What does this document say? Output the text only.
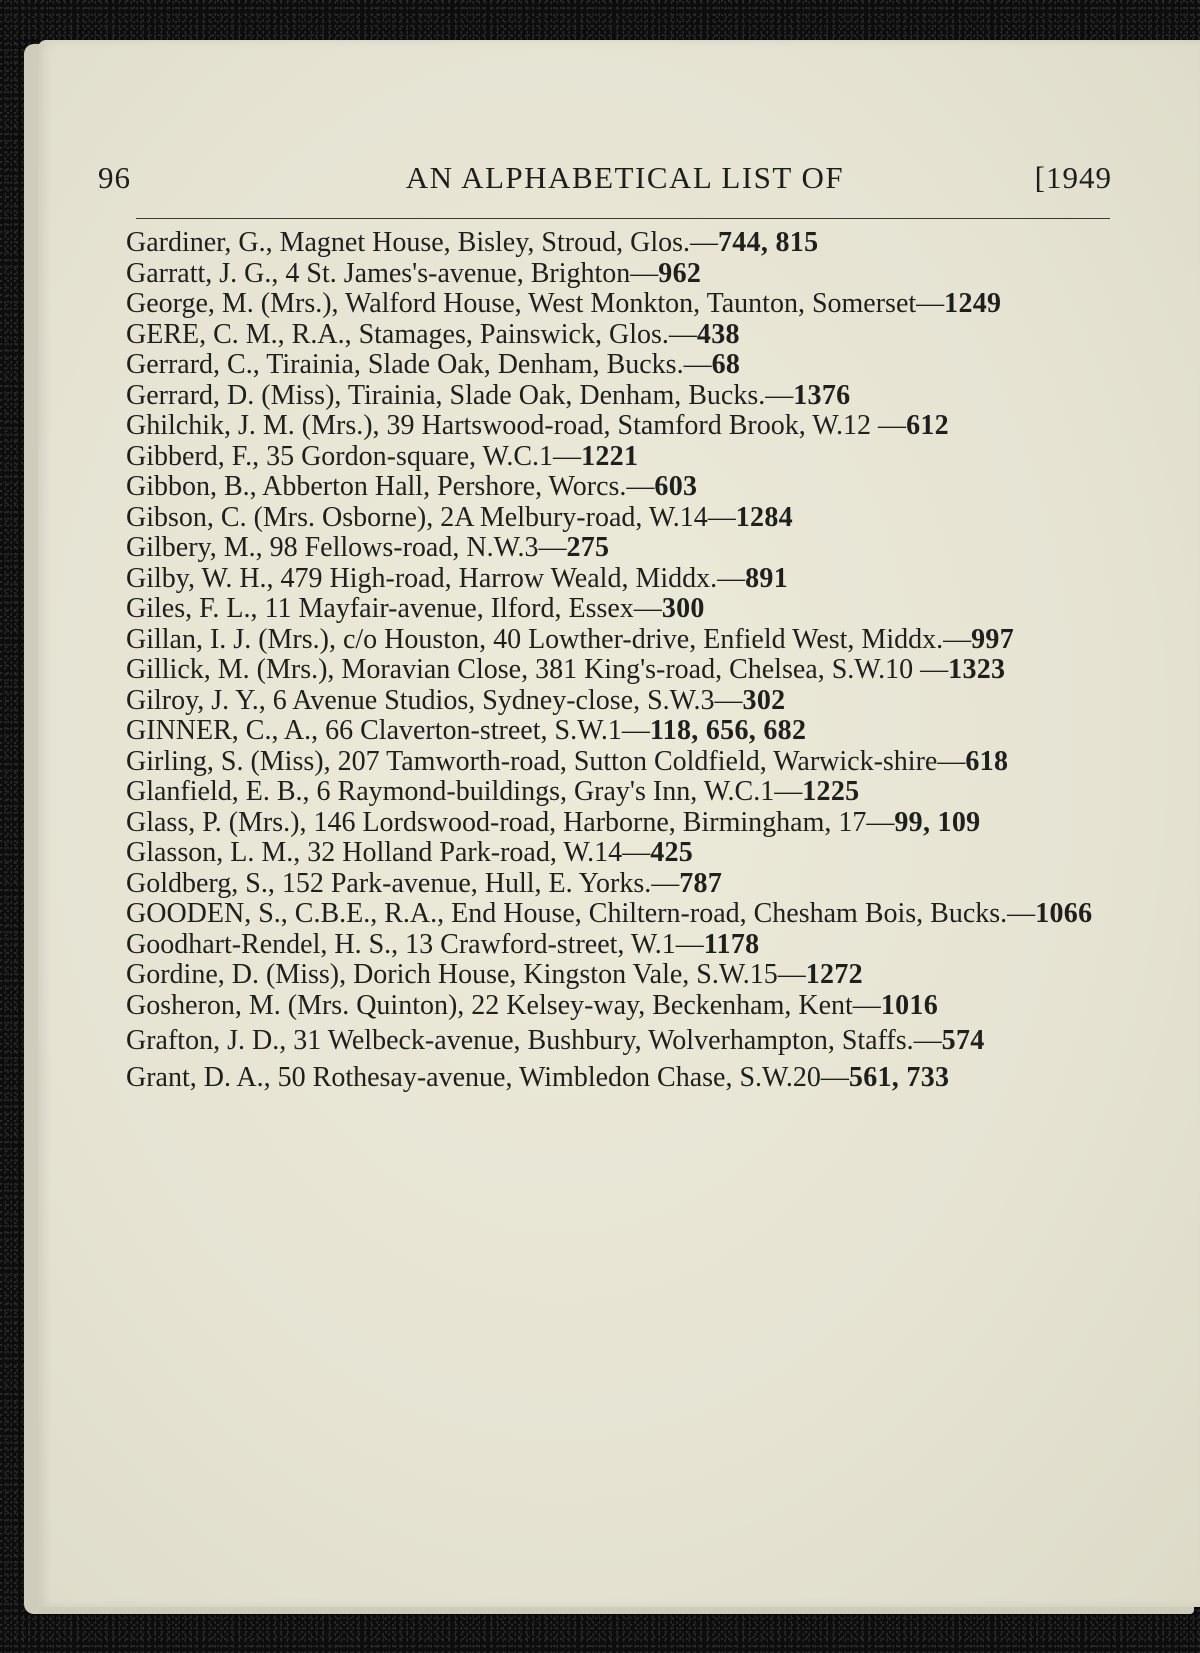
96	AN ALPHABETICAL LIST OF	[1949

Gardiner, G., Magnet House, Bisley, Stroud, Glos.—744, 815

Garratt, J. G., 4 St. James's-avenue, Brighton—962

George, M. (Mrs.), Walford House, West Monkton, Taunton, Somerset—1249

GERE, C. M., R.A., Stamages, Painswick, Glos.—438

Gerrard, C., Tirainia, Slade Oak, Denham, Bucks.—68

Gerrard, D. (Miss), Tirainia, Slade Oak, Denham, Bucks.—1376

Ghilchik, J. M. (Mrs.), 39 Hartswood-road, Stamford Brook, W.12 —612

Gibberd, F., 35 Gordon-square, W.C.1—1221

Gibbon, B., Abberton Hall, Pershore, Worcs.—603

Gibson, C. (Mrs. Osborne), 2A Melbury-road, W.14—1284

Gilbery, M., 98 Fellows-road, N.W.3—275

Gilby, W. H., 479 High-road, Harrow Weald, Middx.—891

Giles, F. L., 11 Mayfair-avenue, Ilford, Essex—300

Gillan, I. J. (Mrs.), c/o Houston, 40 Lowther-drive, Enfield West, Middx.—997

Gillick, M. (Mrs.), Moravian Close, 381 King's-road, Chelsea, S.W.10 —1323

Gilroy, J. Y., 6 Avenue Studios, Sydney-close, S.W.3—302

GINNER, C., A., 66 Claverton-street, S.W.1—118, 656, 682

Girling, S. (Miss), 207 Tamworth-road, Sutton Coldfield, Warwick-shire—618

Glanfield, E. B., 6 Raymond-buildings, Gray's Inn, W.C.1—1225

Glass, P. (Mrs.), 146 Lordswood-road, Harborne, Birmingham, 17—99, 109

Glasson, L. M., 32 Holland Park-road, W.14—425

Goldberg, S., 152 Park-avenue, Hull, E. Yorks.—787

GOODEN, S., C.B.E., R.A., End House, Chiltern-road, Chesham Bois, Bucks.—1066

Goodhart-Rendel, H. S., 13 Crawford-street, W.1—1178

Gordine, D. (Miss), Dorich House, Kingston Vale, S.W.15—1272

Gosheron, M. (Mrs. Quinton), 22 Kelsey-way, Beckenham, Kent—1016

Grafton, J. D., 31 Welbeck-avenue, Bushbury, Wolverhampton, Staffs.—574

Grant, D. A., 50 Rothesay-avenue, Wimbledon Chase, S.W.20—561, 733
